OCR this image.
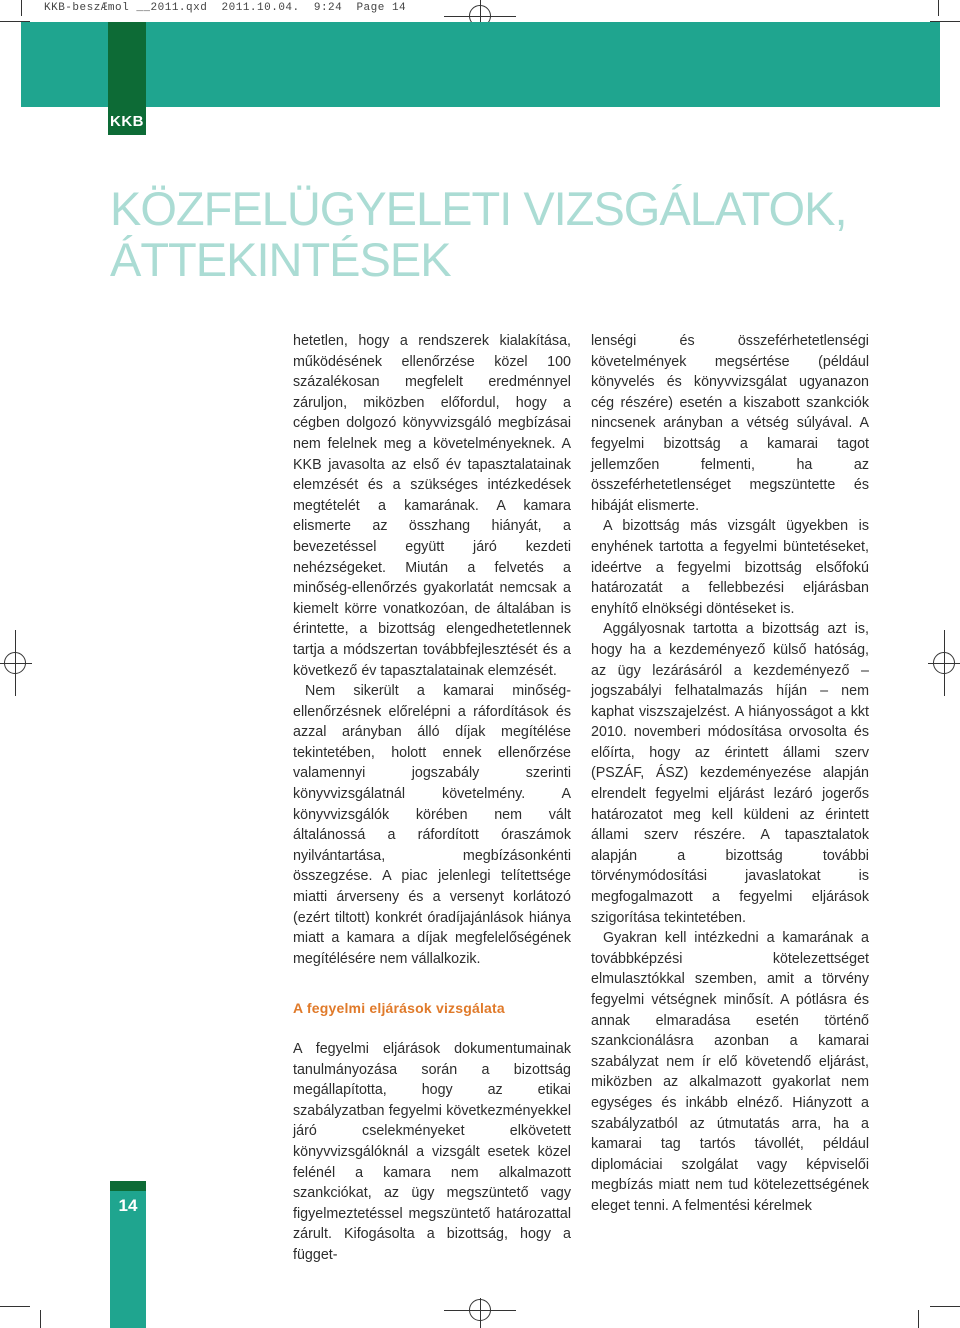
KKB-beszÆmol __2011.qxd  2011.10.04.  9:24  Page 14
KKB
KÖZFELÜGYELETI VIZSGÁLATOK,
ÁTTEKINTÉSEK

hetetlen, hogy a rendszerek kialakítása, működésének ellenőrzése közel 100 százalékosan megfelelt eredménnyel záruljon, miközben előfordul, hogy a cégben dolgozó könyvvizsgáló megbízásai nem felelnek meg a követelményeknek. A KKB javasolta az első év tapasztalatainak elemzését és a szükséges intézkedések megtételét a kamarának. A kamara elismerte az összhang hiányát, a bevezetéssel együtt járó kezdeti nehézségeket. Miután a felvetés a minőség-ellenőrzés gyakorlatát nemcsak a kiemelt körre vonatkozóan, de általában is érintette, a bizottság elengedhetetlennek tartja a módszertan továbbfejlesztését és a következő év tapasztalatainak elemzését.

Nem sikerült a kamarai minőség-ellenőrzésnek előrelépni a ráfordítások és azzal arányban álló díjak megítélése tekintetében, holott ennek ellenőrzése valamennyi jogszabály szerinti könyvvizsgálatnál követelmény. A könyvvizsgálók körében nem vált általánossá a ráfordított óraszámok nyilvántartása, megbízásonkénti összegzése. A piac jelenlegi telítettsége miatti árverseny és a versenyt korlátozó (ezért tiltott) konkrét óradíjajánlások hiánya miatt a kamara a díjak megfelelőségének megítélésére nem vállalkozik.

A fegyelmi eljárások vizsgálata

A fegyelmi eljárások dokumentumainak tanulmányozása során a bizottság megállapította, hogy az etikai szabályzatban fegyelmi következményekkel járó cselekményeket elkövetett könyvvizsgálóknál a vizsgált esetek közel felénél a kamara nem alkalmazott szankciókat, az ügy megszüntető vagy figyelmeztetéssel megszüntető határozattal zárult. Kifogásolta a bizottság, hogy a függet-

lenségi és összeférhetetlenségi követelmények megsértése (például könyvelés és könyvvizsgálat ugyanazon cég részére) esetén a kiszabott szankciók nincsenek arányban a vétség súlyával. A fegyelmi bizottság a kamarai tagot jellemzően felmenti, ha az összeférhetetlenséget megszüntette és hibáját elismerte.

A bizottság más vizsgált ügyekben is enyhének tartotta a fegyelmi büntetéseket, ideértve a fegyelmi bizottság elsőfokú határozatát a fellebbezési eljárásban enyhítő elnökségi döntéseket is.

Aggályosnak tartotta a bizottság azt is, hogy ha a kezdeményező külső hatóság, az ügy lezárásáról a kezdeményező – jogszabályi felhatalmazás híján – nem kaphat viszszajelzést. A hiányosságot a kkt 2010. novemberi módosítása orvosolta és előírta, hogy az érintett állami szerv (PSZÁF, ÁSZ) kezdeményezése alapján elrendelt fegyelmi eljárást lezáró jogerős határozatot meg kell küldeni az érintett állami szerv részére. A tapasztalatok alapján a bizottság további törvénymódosítási javaslatokat is megfogalmazott a fegyelmi eljárások szigorítása tekintetében.

Gyakran kell intézkedni a kamarának a továbbképzési kötelezettséget elmulasztókkal szemben, amit a törvény fegyelmi vétségnek minősít. A pótlásra és annak elmaradása esetén történő szankcionálásra azonban a kamarai szabályzat nem ír elő követendő eljárást, miközben az alkalmazott gyakorlat nem egységes és inkább elnéző. Hiányzott a szabályzatból az útmutatás arra, ha a kamarai tag tartós távollét, például diplomáciai szolgálat vagy képviselői megbízás miatt nem tud kötelezettségének eleget tenni. A felmentési kérelmek

14
